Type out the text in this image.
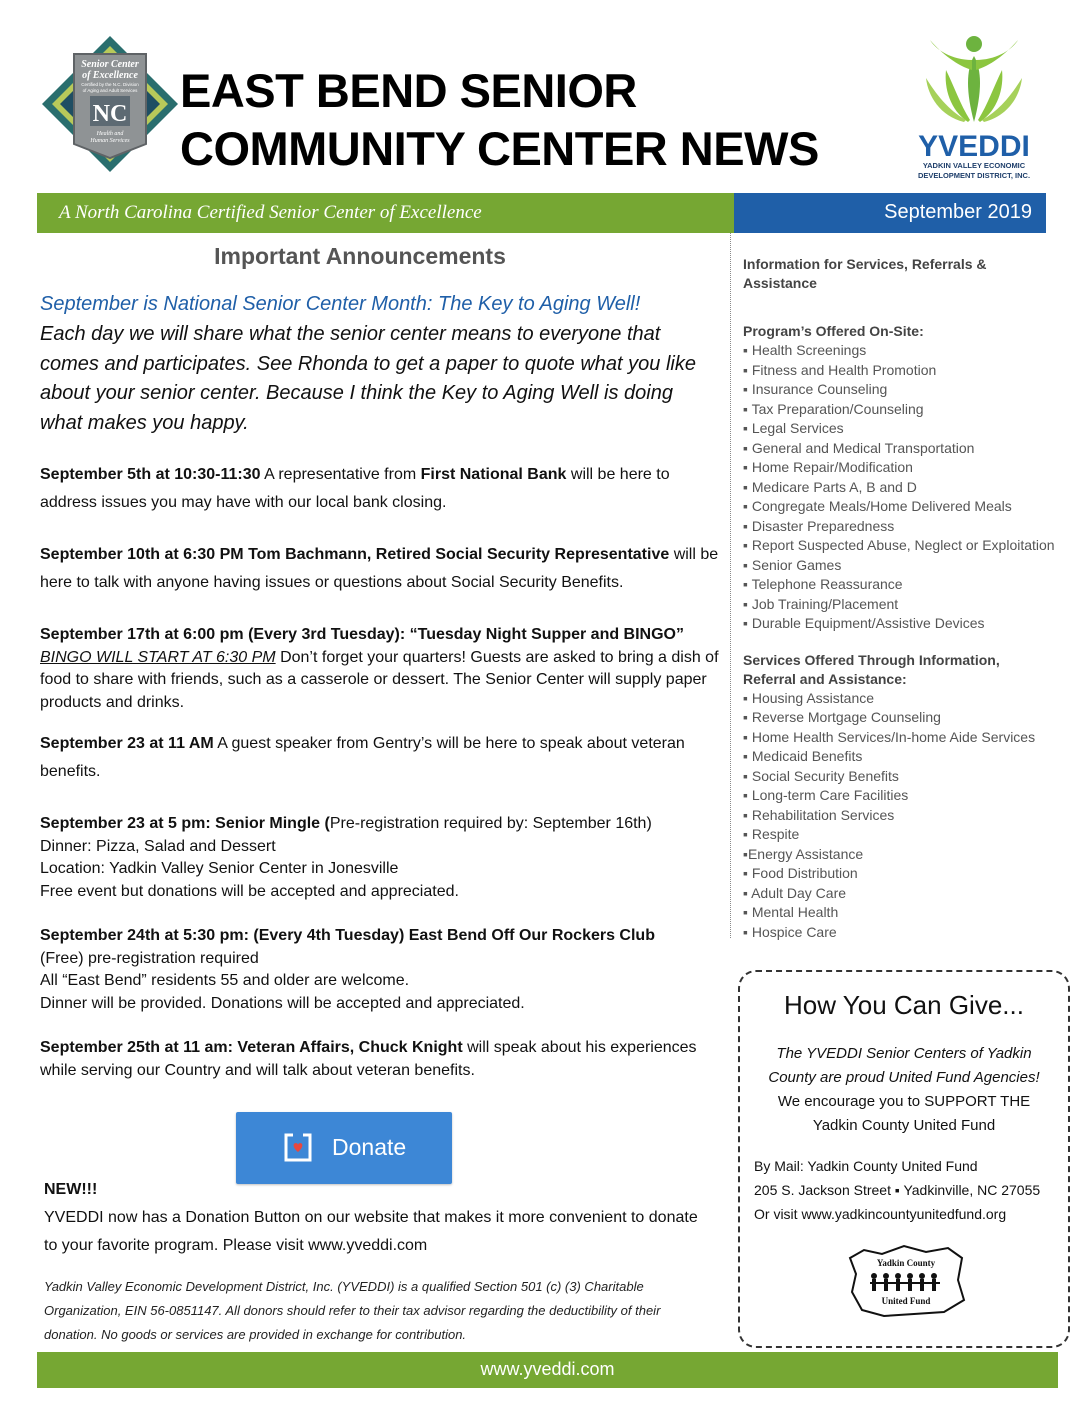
Senior Center
of Excellence
Certified by the N.C. Division
of Aging and Adult Services
NC
Health and
Human Services
EAST BEND SENIOR
COMMUNITY CENTER NEWS	YVEDDI
YADKIN VALLEY ECONOMIC
DEVELOPMENT DISTRICT, INC.
A North Carolina Certified Senior Center of Excellence	September 2019
Important Announcements
September is National Senior Center Month: The Key to Aging Well!
Each day we will share what the senior center means to everyone that comes and participates. See Rhonda to get a paper to quote what you like about your senior center. Because I think the Key to Aging Well is doing what makes you happy.
September 5th at 10:30-11:30 A representative from First National Bank will be here to address issues you may have with our local bank closing.
September 10th at 6:30 PM Tom Bachmann, Retired Social Security Representative will be here to talk with anyone having issues or questions about Social Security Benefits.
September 17th at 6:00 pm (Every 3rd Tuesday): “Tuesday Night Supper and BINGO”
BINGO WILL START AT 6:30 PM Don’t forget your quarters! Guests are asked to bring a dish of food to share with friends, such as a casserole or dessert. The Senior Center will supply paper products and drinks.
September 23 at 11 AM A guest speaker from Gentry’s will be here to speak about veteran benefits.
September 23 at 5 pm: Senior Mingle (Pre-registration required by: September 16th)
Dinner: Pizza, Salad and Dessert
Location: Yadkin Valley Senior Center in Jonesville
Free event but donations will be accepted and appreciated.
September 24th at 5:30 pm: (Every 4th Tuesday) East Bend Off Our Rockers Club
(Free) pre-registration required
All “East Bend” residents 55 and older are welcome.
Dinner will be provided. Donations will be accepted and appreciated.
September 25th at 11 am: Veteran Affairs, Chuck Knight will speak about his experiences while serving our Country and will talk about veteran benefits.
Donate
NEW!!!
YVEDDI now has a Donation Button on our website that makes it more convenient to donate to your favorite program. Please visit www.yveddi.com
Yadkin Valley Economic Development District, Inc. (YVEDDI) is a qualified Section 501 (c) (3) Charitable Organization, EIN 56-0851147. All donors should refer to their tax advisor regarding the deductibility of their donation. No goods or services are provided in exchange for contribution.
Information for Services, Referrals & Assistance
Program’s Offered On-Site:
▪ Health Screenings
▪ Fitness and Health Promotion
▪ Insurance Counseling
▪ Tax Preparation/Counseling
▪ Legal Services
▪ General and Medical Transportation
▪ Home Repair/Modification
▪ Medicare Parts A, B and D
▪ Congregate Meals/Home Delivered Meals
▪ Disaster Preparedness
▪ Report Suspected Abuse, Neglect or Exploitation
▪ Senior Games
▪ Telephone Reassurance
▪ Job Training/Placement
▪ Durable Equipment/Assistive Devices
Services Offered Through Information, Referral and Assistance:
▪ Housing Assistance
▪ Reverse Mortgage Counseling
▪ Home Health Services/In-home Aide Services
▪ Medicaid Benefits
▪ Social Security Benefits
▪ Long-term Care Facilities
▪ Rehabilitation Services
▪ Respite
▪Energy Assistance
▪ Food Distribution
▪ Adult Day Care
▪ Mental Health
▪ Hospice Care
How You Can Give...
The YVEDDI Senior Centers of Yadkin County are proud United Fund Agencies!
We encourage you to SUPPORT THE
Yadkin County United Fund
By Mail: Yadkin County United Fund
205 S. Jackson Street ▪ Yadkinville, NC 27055
Or visit www.yadkincountyunitedfund.org
Yadkin County
United Fund
www.yveddi.com
